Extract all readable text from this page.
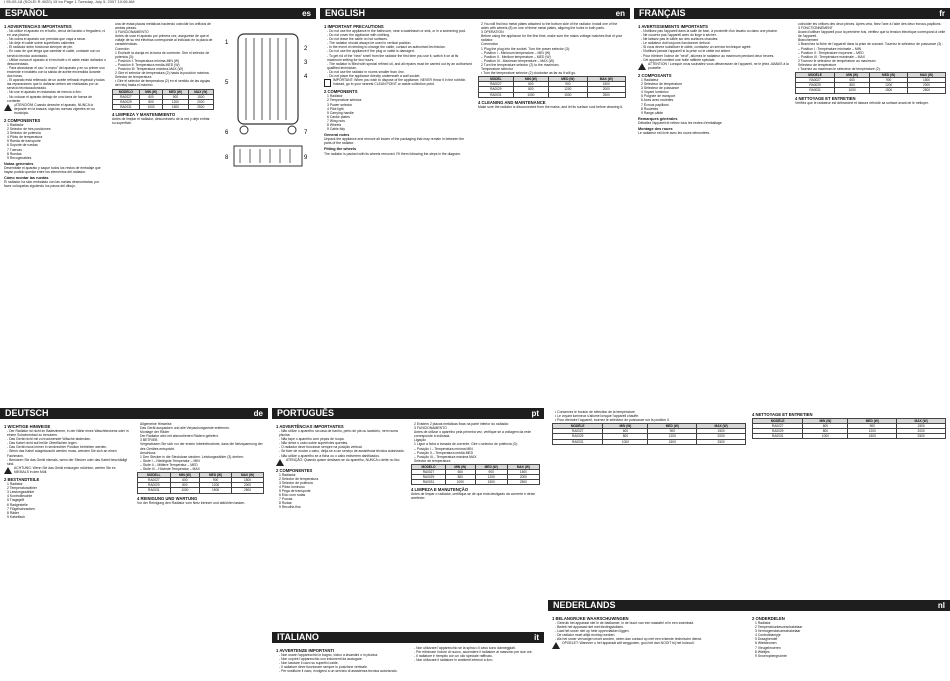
I 95-05-18 (SOLEI R 4020) 15 bo Page 1 Tuesday, July 5, 2007 10:06 AM
ESPAÑOL	es
1 ADVERTENCIAS IMPORTANTES
- No utilice el aparato en el baño, cerca del lavabo o fregadero, ni en una piscina.
- No cubra el aparato con prendas que vaya a secar.
- No deje el cable sobre superficies calientes.
- El radiador debe funcionar siempre de pie.
- En caso de que tenga que cambiar el cable, contacte con un servicio técnico autorizado.
- Utilice nunca el aparato si el enchufe o el cable están dañados o desconectado.
- Para abandonar el uso "a mano" del aparato y en su primer uso enciende e instálelo con la salida de aceite encendida durante dos horas.
- El aparato está rellenado de un aceite refinado especial y todas las reparaciones que lo dañaran deben ser realizadas por un servicio técnicoautorizado.
- No use el aparato en estancias de menos a 4m².
- No colocar el aparato debajo de una toma de fuerza de corriente.

¡ATENCIÓN! Cuando deseche el aparato, NUNCA lo deposite en la basura; siga las normas vigentes en su municipio.

2 COMPONENTES
1 Radiador
2 Selector de tres posiciones
3 Selector de potencia
4 Piloto de temperatura
5 Rueda de transporte
6 Soporte de ruedas
7 Tuercas
8 Ruedas
9 Recogecables
Notas generales

Desembale el aparato y saque todos los restos de embalaje que hayan podido quedar entre los elementos del radiador.

Cómo montar las ruedas

El radiador ha sido embalado con las ruedas desmontadas; por favor colóquelas siguiendo los pasos del dibujo.

una de estas placas metálicas haciendo coincidir los orificios de ambas piezas.
3 FUNCIONAMIENTO
Antes de usar el aparato por primera vez, asegúrese de que el voltaje de su red eléctrica corresponde al indicado en la placa de características.
Conexión
1 Enchufe la clavija en la toma de corriente. Gire el selector de potencia (3):
– Posición I: Temperatura mínima-MIN (W)
– Posición II: Temperatura media-MED (W)
– Posición III: Temperatura máxima-MAX (W)
2 Gire el selector de temperatura (2) hasta la posición máxima.
Selector de temperatura
• Gire el selector de temperatura (2) en el sentido de las agujas del reloj hasta el máximo.
MODELO	MIN (W)	MED (W)	MAX (W)
RA0027	600	900	1500
RA0029	800	1200	2000
RA0031	1000	1500	2500
4 LIMPIEZA Y MANTENIMIENTO

Antes de limpiar el radiador, desconéctelo de la red y deje enfriar su superficie.

1
2
3
4
5
6	7
8	9
ENGLISH	en
1 IMPORTANT PRECAUTIONS
- Do not use the appliance in the bathroom, near a washbasin or sink, or in a swimming pool.
- Do not cover the appliance with clothing.
- Do not leave the cable on hot surfaces.
- The radiator should always be used in vertical position.
- In the event of needing to change the cable, contact an authorised technician.
- Do not use the appliance if the plug or cable is damaged.
- To get rid of the "new" smell from the radiator the first time you use it, switch it on at its maximum setting for two hours.
- The radiator is filled with special refined oil, and all repairs must be carried out by an authorised qualified technician.
- Do not use the radiator in rooms smaller than 4m².
- Do not place the appliance directly underneath a wall socket.

IMPORTANT: When you wish to dispose of the appliance, NEVER throw it in the rubbish. Instead, go to your nearest CLEAN POINT or waste collection point.

2 COMPONENTS
1 Radiator
2 Temperature selector
3 Power selector
4 Pilot light
5 Carrying handle
6 Castor plates
7 Wing nuts
8 Wheels
9 Cable tidy
General notes

Unpack the appliance and remove all traces of the packaging that may remain in between the parts of the radiator.

Fitting the wheels

The radiator is packed with its wheels removed. Fit them following the steps in the diagram.

2 You will find two metal plates attached to the bottom side of the radiator. Install one of the axles with wheels (8) on one of these metal plates, aligning the holes in both parts.
3 OPERATION
Before using the appliance for the first time, make sure the mains voltage matches that of your radiator.
Connection
1 Plug the plug into the socket. Turn the power selector (3):
– Position I - Minimum temperature – MIN (W)
– Position II - Medium temperature – MED (W)
– Position III - Maximum temperature – MAX (W)
2 Turn the temperature selector (2) to the maximum.
Temperature selector
• Turn the temperature selector (2) clockwise as far as it will go.
MODEL	MIN (W)	MED (W)	MAX (W)
RA0027	600	900	1500
RA0029	800	1200	2000
RA0031	1000	1500	2500
4 CLEANING AND MAINTENANCE

Make sure the radiator is disconnected from the mains, and let its surface cool before cleaning it.

FRANÇAIS	fr
1 AVERTISSEMENTS IMPORTANTS
- N'utilisez pas l'appareil dans la salle de bain, à proximité d'un lavabo ou dans une piscine.
- Ne couvrez pas l'appareil avec du linge à sécher.
- Ne laissez pas le câble sur des surfaces chaudes.
- Le radiateur doit toujours fonctionner debout.
- Si vous devez substituer le câble, contactez un service technique agréé.
- N'utilisez jamais l'appareil si la prise ou le câble est abîmé.
- Pour éliminer l'odeur de "neuf", allumez le radiateur au maximum pendant deux heures.
- Cet appareil contient une huile raffinée spéciale.

ATTENTION ! Lorsque vous souhaitez vous débarrasser de l'appareil, ne le jetez JAMAIS à la poubelle.

2 COMPOSANTS
1 Radiateur
2 Sélecteur de température
3 Sélecteur de puissance
4 Voyant lumineux
5 Poignée de transport
6 Axes avec roulettes
7 Écrous papillons
8 Roulettes
9 Range-câble
Remarques générales

Déballez l'appareil et retirez tous les restes d'emballage.

Montage des roues

Le radiateur est livré avec les roues démontées.

coïncider les orifices des deux pièces. Après cela, fixez l'axe à l'aide des deux écrous-papillons.
3 FONCTIONNEMENT
Avant d'utiliser l'appareil pour la première fois, vérifiez que la tension électrique correspond à celle de l'appareil.
Branchement
1 Branchez la fiche de l'appareil dans la prise de courant. Tournez le sélecteur de puissance (3) :
– Position I : Température minimale – MIN
– Position II : Température moyenne – MED
– Position III : Température maximale – MAX
2 Tournez le sélecteur de température au maximum.
Sélecteur de température
• Tournez au maximum le sélecteur de température (2).
MODÈLE	MIN (W)	MED (W)	MAX (W)
RA0027	600	900	1500
RA0029	800	1200	2000
RA0031	1000	1500	2500
4 NETTOYAGE ET ENTRETIEN

Vérifiez que le radiateur est débranché et laissez refroidir sa surface avant de le nettoyer.

DEUTSCH	de
1 WICHTIGE HINWEISE
- Der Radiator ist nicht im Badezimmer, in der Nähe eines Waschbeckens oder in einem Schwimmbad zu benutzen.
- Das Gerät nicht mit zu trocknender Wäsche abdecken.
- Das Kabel nicht auf heiße Oberflächen legen.
- Das Gerät muss immer in senkrechter Position betrieben werden.
- Wenn das Kabel ausgetauscht werden muss, wenden Sie sich an einen Fachmann.
- Benutzen Sie das Gerät niemals, wenn der Stecker oder das Kabel beschädigt sind.

ACHTUNG: Wenn Sie das Gerät entsorgen möchten, werfen Sie es NIEMALS in den Müll.

2 BESTANDTEILE
1 Radiator
2 Temperaturwähler
3 Leistungswähler
4 Kontrollleuchte
5 Tragegriff
6 Radgestelle
7 Flügelschrauben
8 Räder
9 Kabelfach
Allgemeine Hinweise
Das Gerät auspacken und alle Verpackungsreste entfernen.
Montage der Räder
Der Radiator wird mit abmontierten Rädern geliefert.
3 BETRIEB
Vergewissern Sie sich vor der ersten Inbetriebnahme, dass die Netzspannung der des Gerätes entspricht.
Anschluss
1 Den Stecker in die Steckdose stecken. Leistungswähler (3) drehen:
– Stufe I – Niedrigste Temperatur – MIN
– Stufe II – Mittlere Temperatur – MED
– Stufe III – Höchste Temperatur – MAX
MODELL	MIN (W)	MED (W)	MAX (W)
RA0027	600	900	1500
RA0029	800	1200	2000
RA0031	1000	1500	2500
4 REINIGUNG UND WARTUNG

Vor der Reinigung den Radiator vom Netz trennen und abkühlen lassen.

PORTUGUÊS	pt
1 ADVERTÊNCIAS IMPORTANTES
- Não utilize o aparelho na casa de banho, perto de pia ou lavatório, nem numa piscina.
- Não tape o aparelho com peças de roupa.
- Não deixe o cabo sobre superfícies quentes.
- O radiador deve funcionar sempre na posição vertical.
- Se tiver de mudar o cabo, dirija-se a um serviço de assistência técnica autorizado.
- Não utilize o aparelho se a ficha ou o cabo estiverem danificados.

ATENÇÃO: Quando quiser desfazer-se do aparelho, NUNCA o deite no lixo.

2 COMPONENTES
1 Radiador
2 Selector de temperatura
3 Selector de potência
4 Piloto luminoso
5 Pega de transporte
6 Eixo com rodas
7 Porcas
8 Rodas
9 Recolhe-fios
2 Existem 2 placas metálicas fixas na parte inferior do radiador.
3 FUNCIONAMENTO
Antes de utilizar o aparelho pela primeira vez, verifique se a voltagem da rede corresponde à indicada.
Ligação
1 Ligue a ficha à tomada de corrente. Gire o selector de potência (3):
– Posição I – Temperatura mínima MIN
– Posição II – Temperatura média MED
– Posição III – Temperatura máxima MAX
Selector de temperatura
MODELO	MIN (W)	MED (W)	MAX (W)
RA0027	600	900	1500
RA0029	800	1200	2000
RA0031	1000	1500	2500
4 LIMPEZA E MANUTENÇÃO

Antes de limpar o radiador, certifique-se de que está desligado da corrente e deixe arrefecer.

ITALIANO	it
1 AVVERTENZE IMPORTANTI
- Non usare l'apparecchio in bagno, vicino a lavandini o in piscina.
- Non coprire l'apparecchio con indumenti da asciugare.
- Non lasciare il cavo su superfici calde.
- Il radiatore deve funzionare sempre in posizione verticale.
- Per sostituire il cavo, rivolgersi a un servizio di assistenza tecnica autorizzato.
- Non utilizzare l'apparecchio se la spina o il cavo sono danneggiati.
- Per eliminare l'odore di nuovo, accendere il radiatore al massimo per due ore.
- Il radiatore è riempito con un olio speciale raffinato.
- Non utilizzare il radiatore in ambienti inferiori a 4m².
• Conservez le bouton de sélection de la température.
• Le voyant lumineux s'allume lorsque l'appareil chauffe.
• Pour éteindre l'appareil, tournez le sélecteur de puissance sur la position 0.
MODÈLE	MIN (W)	MED (W)	MAX (W)
RA0027	600	900	1500
RA0029	800	1200	2000
RA0031	1000	1500	2500
4 NETTOYAGE ET ENTRETIEN
MODÈLE	MIN (W)	MED (W)	MAX (W)
RA0027	600	900	1500
RA0029	800	1200	2000
RA0031	1000	1500	2500
NEDERLANDS	nl
1 BELANGRIJKE WAARSCHUWINGEN
- Gebruik het apparaat niet in de badkamer, in de buurt van een wastafel of in een zwembad.
- Bedek het apparaat niet met kledingstukken.
- Laat het snoer niet op hete oppervlakken liggen.
- De radiator moet altijd rechtop werken.
- Als het snoer vervangen moet worden, neem dan contact op met een erkende technische dienst.

OPGELET: Wanneer u het apparaat wilt weggooien, gooi het dan NOOIT bij het huisvuil.

2 ONDERDELEN
1 Radiator
2 Temperatuurkeuzeschakelaar
3 Vermogenskeuzeschakelaar
4 Controlelampje
5 Draaghendel
6 Wielsteunen
7 Vleugelmoeren
8 Wieltjes
9 Snoeropbergruimte
